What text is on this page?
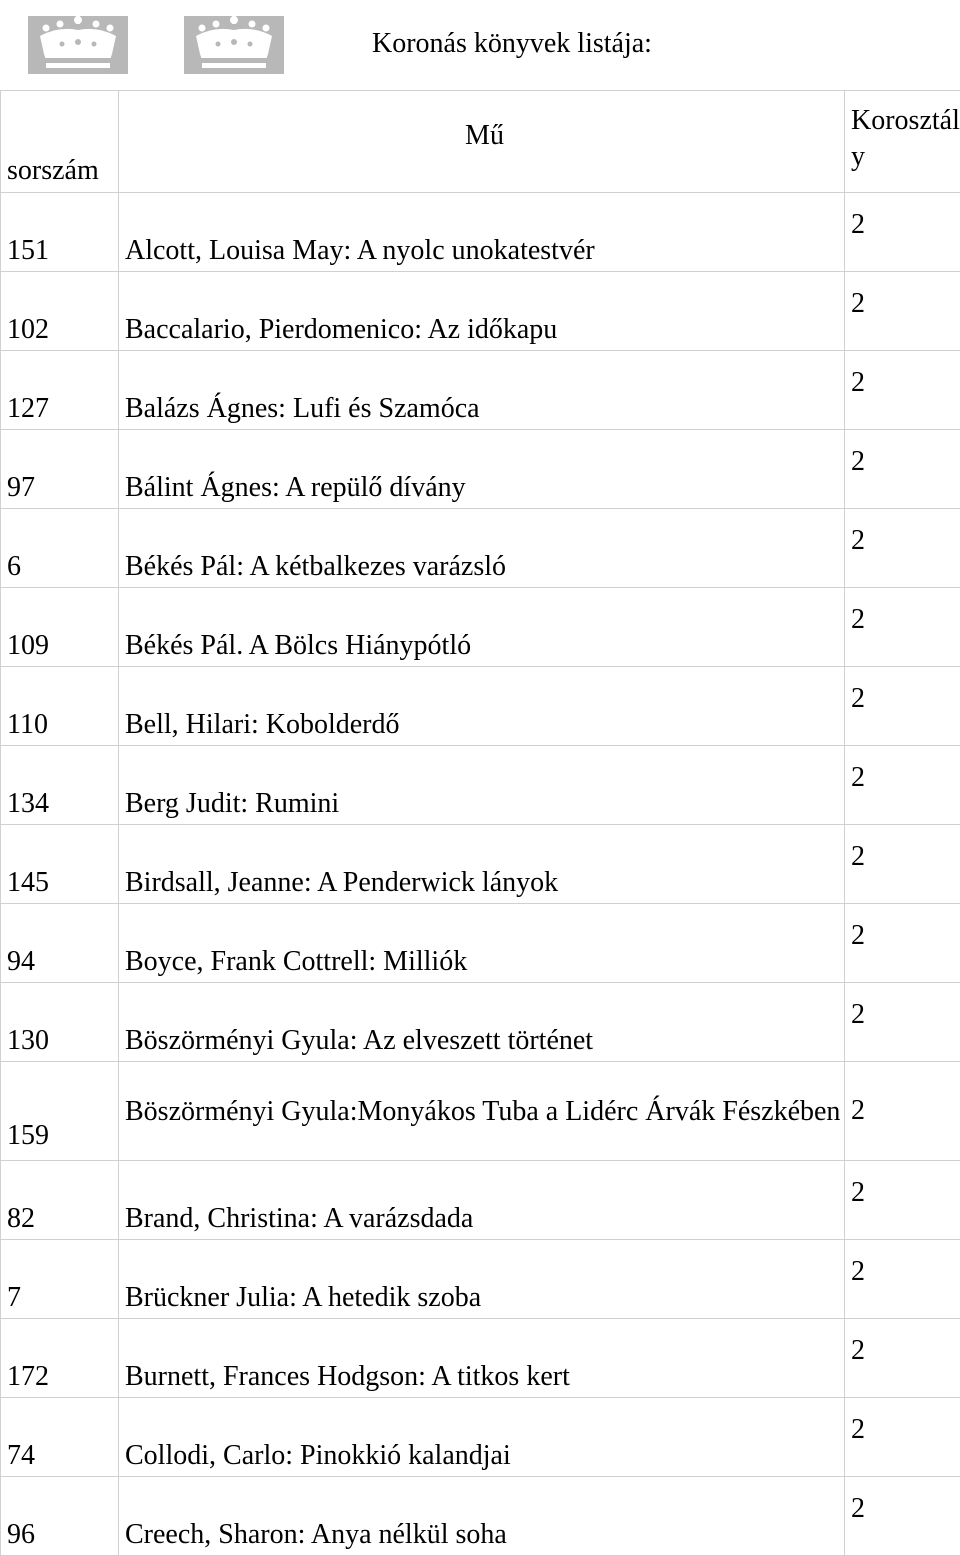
Koronás könyvek listája:
sorszám	Mű	Korosztály
151	Alcott, Louisa May: A nyolc unokatestvér	2
102	Baccalario, Pierdomenico: Az időkapu	2
127	Balázs Ágnes: Lufi és Szamóca	2
97	Bálint Ágnes: A repülő dívány	2
6	Békés Pál: A kétbalkezes varázsló	2
109	Békés Pál. A Bölcs Hiánypótló	2
110	Bell, Hilari: Kobolderdő	2
134	Berg Judit: Rumini	2
145	Birdsall, Jeanne: A Penderwick lányok	2
94	Boyce, Frank Cottrell: Milliók	2
130	Böszörményi Gyula: Az elveszett történet	2
159	Böszörményi Gyula:Monyákos Tuba a Lidérc Árvák Fészkében	2
82	Brand, Christina: A varázsdada	2
7	Brückner Julia: A hetedik szoba	2
172	Burnett, Frances Hodgson: A titkos kert	2
74	Collodi, Carlo: Pinokkió kalandjai	2
96	Creech, Sharon: Anya nélkül soha	2
